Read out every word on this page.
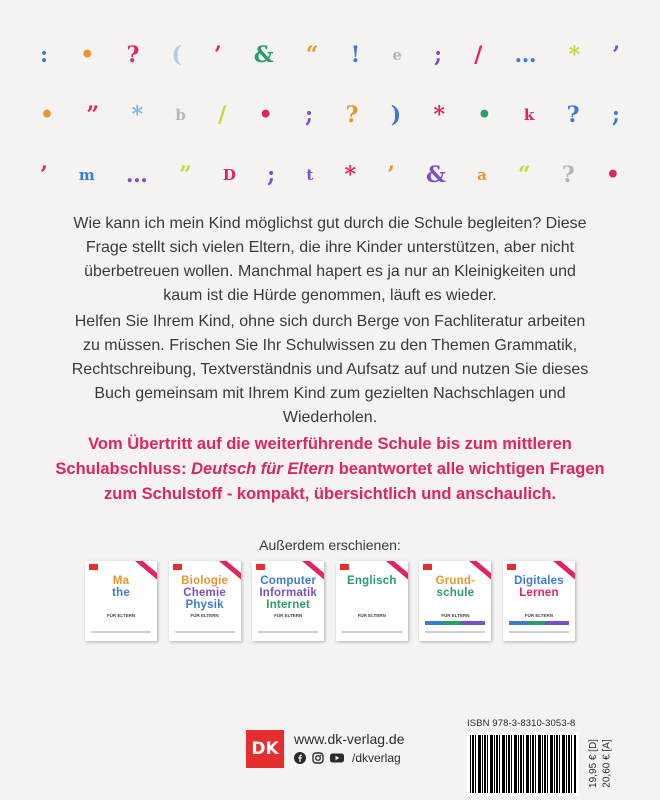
: • ? ( ’ & “ ! e ; / … * ’
• ” * b / • ; ? ) * • k ? ;
’ m … ” D ; t * ’ & a “ ? •
Wie kann ich mein Kind möglichst gut durch die Schule begleiten? Diese Frage stellt sich vielen Eltern, die ihre Kinder unterstützen, aber nicht überbetreuen wollen. Manchmal hapert es ja nur an Kleinigkeiten und kaum ist die Hürde genommen, läuft es wieder.
Helfen Sie Ihrem Kind, ohne sich durch Berge von Fachliteratur arbeiten zu müssen. Frischen Sie Ihr Schulwissen zu den Themen Grammatik, Rechtschreibung, Textverständnis und Aufsatz auf und nutzen Sie dieses Buch gemeinsam mit Ihrem Kind zum gezielten Nachschlagen und Wiederholen.
Vom Übertritt auf die weiterführende Schule bis zum mittleren Schulabschluss: Deutsch für Eltern beantwortet alle wichtigen Fragen zum Schulstoff - kompakt, übersichtlich und anschaulich.
Außerdem erschienen:
Ma
the
FÜR ELTERN
Biologie
Chemie
Physik
FÜR ELTERN
Computer
Informatik
Internet
FÜR ELTERN
Englisch
FÜR ELTERN
Grund-
schule
FÜR ELTERN
Digitales
Lernen
FÜR ELTERN
DK	www.dk-verlag.de
/dkverlag
ISBN 978-3-8310-3053-8
19,95 € [D] 20,60 € [A]
